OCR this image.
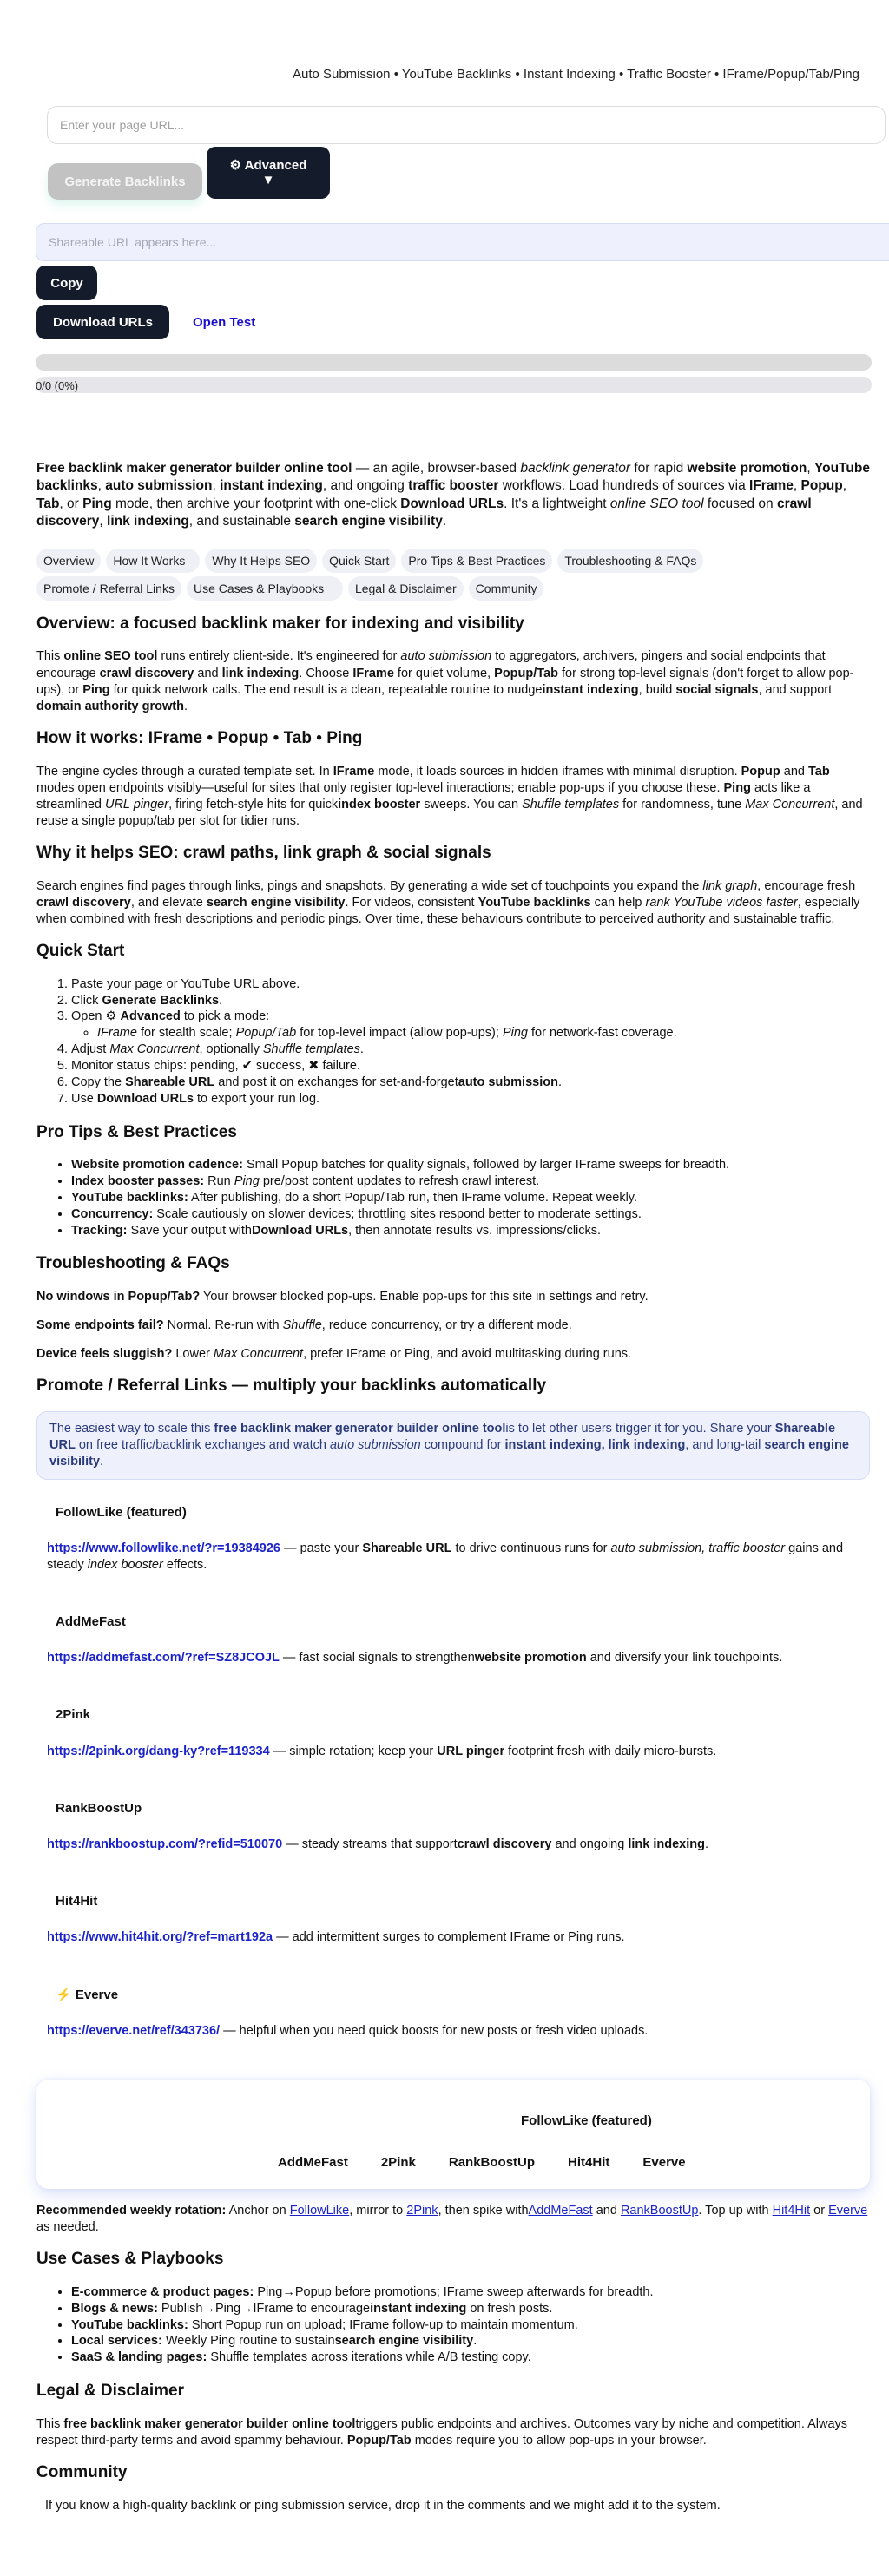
Auto Submission • YouTube Backlinks • Instant Indexing • Traffic Booster • IFrame/Popup/Tab/Ping
Enter your page URL...
Generate Backlinks
⚙ Advanced
▼
Shareable URL appears here...
Copy
Download URLs	Open Test
0/0 (0%)

Free backlink maker generator builder online tool — an agile, browser-based backlink generator for rapid website promotion, YouTube backlinks, auto submission, instant indexing, and ongoing traffic booster workflows. Load hundreds of sources via IFrame, Popup, Tab, or Ping mode, then archive your footprint with one-click Download URLs. It's a lightweight online SEO tool focused on crawl discovery, link indexing, and sustainable search engine visibility.

Overview	How It Works	Why It Helps SEO	Quick Start	Pro Tips & Best Practices	Troubleshooting & FAQs
Promote / Referral Links	Use Cases & Playbooks	Legal & Disclaimer	Community
Overview: a focused backlink maker for indexing and visibility

This online SEO tool runs entirely client-side. It's engineered for auto submission to aggregators, archivers, pingers and social endpoints that encourage crawl discovery and link indexing. Choose IFrame for quiet volume, Popup/Tab for strong top-level signals (don't forget to allow pop-ups), or Ping for quick network calls. The end result is a clean, repeatable routine to nudgeinstant indexing, build social signals, and support domain authority growth.

How it works: IFrame • Popup • Tab • Ping

The engine cycles through a curated template set. In IFrame mode, it loads sources in hidden iframes with minimal disruption. Popup and Tab modes open endpoints visibly—useful for sites that only register top-level interactions; enable pop-ups if you choose these. Ping acts like a streamlined URL pinger, firing fetch-style hits for quickindex booster sweeps. You can Shuffle templates for randomness, tune Max Concurrent, and reuse a single popup/tab per slot for tidier runs.

Why it helps SEO: crawl paths, link graph & social signals

Search engines find pages through links, pings and snapshots. By generating a wide set of touchpoints you expand the link graph, encourage fresh crawl discovery, and elevate search engine visibility. For videos, consistent YouTube backlinks can help rank YouTube videos faster, especially when combined with fresh descriptions and periodic pings. Over time, these behaviours contribute to perceived authority and sustainable traffic.

Quick Start
1. Paste your page or YouTube URL above.
2. Click Generate Backlinks.
3. Open ⚙ Advanced to pick a mode:
◦ IFrame for stealth scale; Popup/Tab for top-level impact (allow pop-ups); Ping for network-fast coverage.
4. Adjust Max Concurrent, optionally Shuffle templates.
5. Monitor status chips: pending, ✔ success, ✖ failure.
6. Copy the Shareable URL and post it on exchanges for set-and-forgetauto submission.
7. Use Download URLs to export your run log.
Pro Tips & Best Practices
• Website promotion cadence: Small Popup batches for quality signals, followed by larger IFrame sweeps for breadth.
• Index booster passes: Run Ping pre/post content updates to refresh crawl interest.
• YouTube backlinks: After publishing, do a short Popup/Tab run, then IFrame volume. Repeat weekly.
• Concurrency: Scale cautiously on slower devices; throttling sites respond better to moderate settings.
• Tracking: Save your output withDownload URLs, then annotate results vs. impressions/clicks.
Troubleshooting & FAQs

No windows in Popup/Tab? Your browser blocked pop-ups. Enable pop-ups for this site in settings and retry.

Some endpoints fail? Normal. Re-run with Shuffle, reduce concurrency, or try a different mode.

Device feels sluggish? Lower Max Concurrent, prefer IFrame or Ping, and avoid multitasking during runs.

Promote / Referral Links — multiply your backlinks automatically
The easiest way to scale this free backlink maker generator builder online toolis to let other users trigger it for you. Share your Shareable URL on free traffic/backlink exchanges and watch auto submission compound for instant indexing, link indexing, and long-tail search engine visibility.
FollowLike (featured)

https://www.followlike.net/?r=19384926 — paste your Shareable URL to drive continuous runs for auto submission, traffic booster gains and steady index booster effects.

AddMeFast

https://addmefast.com/?ref=SZ8JCOJL — fast social signals to strengthenwebsite promotion and diversify your link touchpoints.

2Pink

https://2pink.org/dang-ky?ref=119334 — simple rotation; keep your URL pinger footprint fresh with daily micro-bursts.

RankBoostUp

https://rankboostup.com/?refid=510070 — steady streams that supportcrawl discovery and ongoing link indexing.

Hit4Hit

https://www.hit4hit.org/?ref=mart192a — add intermittent surges to complement IFrame or Ping runs.

⚡ Everve

https://everve.net/ref/343736/ — helpful when you need quick boosts for new posts or fresh video uploads.

FollowLike (featured)
AddMeFast	2Pink	RankBoostUp	Hit4Hit	Everve

Recommended weekly rotation: Anchor on FollowLike, mirror to 2Pink, then spike withAddMeFast and RankBoostUp. Top up with Hit4Hit or Everve as needed.

Use Cases & Playbooks
• E-commerce & product pages: Ping→Popup before promotions; IFrame sweep afterwards for breadth.
• Blogs & news: Publish→Ping→IFrame to encourageinstant indexing on fresh posts.
• YouTube backlinks: Short Popup run on upload; IFrame follow-up to maintain momentum.
• Local services: Weekly Ping routine to sustainsearch engine visibility.
• SaaS & landing pages: Shuffle templates across iterations while A/B testing copy.
Legal & Disclaimer

This free backlink maker generator builder online tooltriggers public endpoints and archives. Outcomes vary by niche and competition. Always respect third-party terms and avoid spammy behaviour. Popup/Tab modes require you to allow pop-ups in your browser.

Community

If you know a high-quality backlink or ping submission service, drop it in the comments and we might add it to the system.
